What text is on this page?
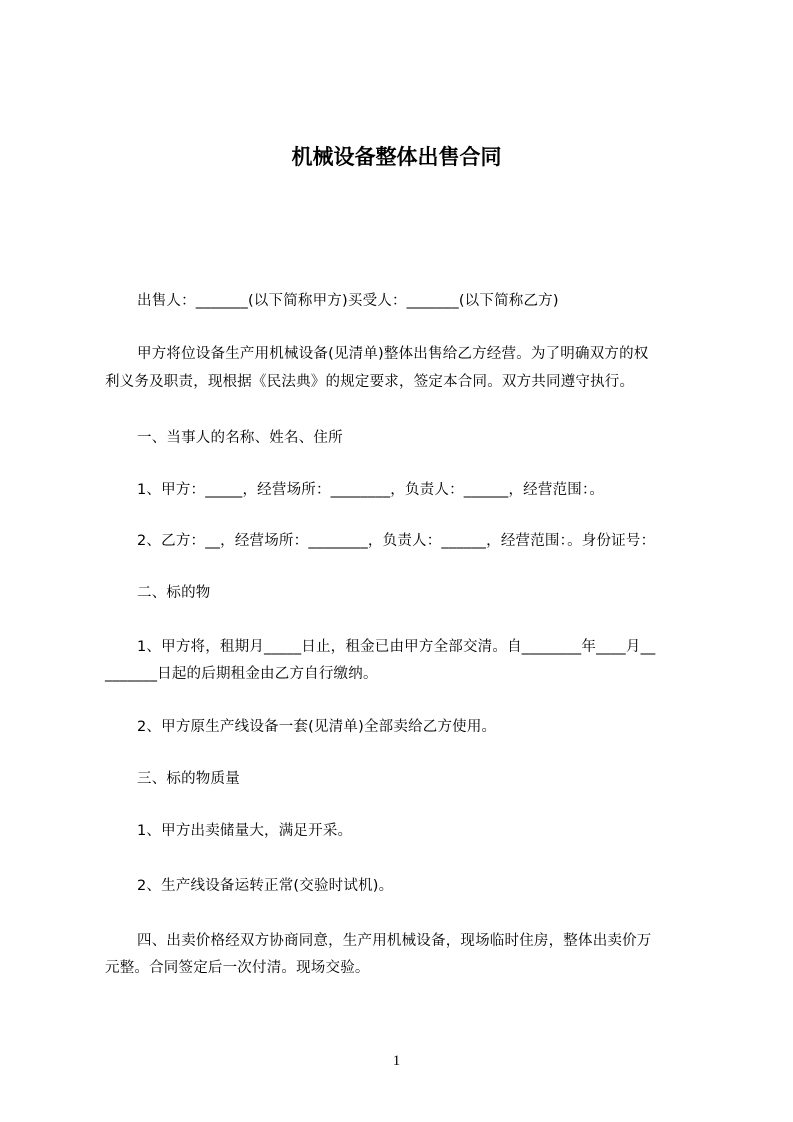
机械设备整体出售合同
出售人：_______(以下简称甲方)买受人：_______(以下简称乙方)
甲方将位设备生产用机械设备(见清单)整体出售给乙方经营。为了明确双方的权
利义务及职责，现根据《民法典》的规定要求，签定本合同。双方共同遵守执行。
一、当事人的名称、姓名、住所
1、甲方：_____，经营场所：________，负责人：______，经营范围：。
2、乙方：__，经营场所：________，负责人：______，经营范围：。身份证号：
二、标的物
1、甲方将，租期月_____日止，租金已由甲方全部交清。自________年____月__
_______日起的后期租金由乙方自行缴纳。
2、甲方原生产线设备一套(见清单)全部卖给乙方使用。
三、标的物质量
1、甲方出卖储量大，满足开采。
2、生产线设备运转正常(交验时试机)。
四、出卖价格经双方协商同意，生产用机械设备，现场临时住房，整体出卖价万
元整。合同签定后一次付清。现场交验。
1
